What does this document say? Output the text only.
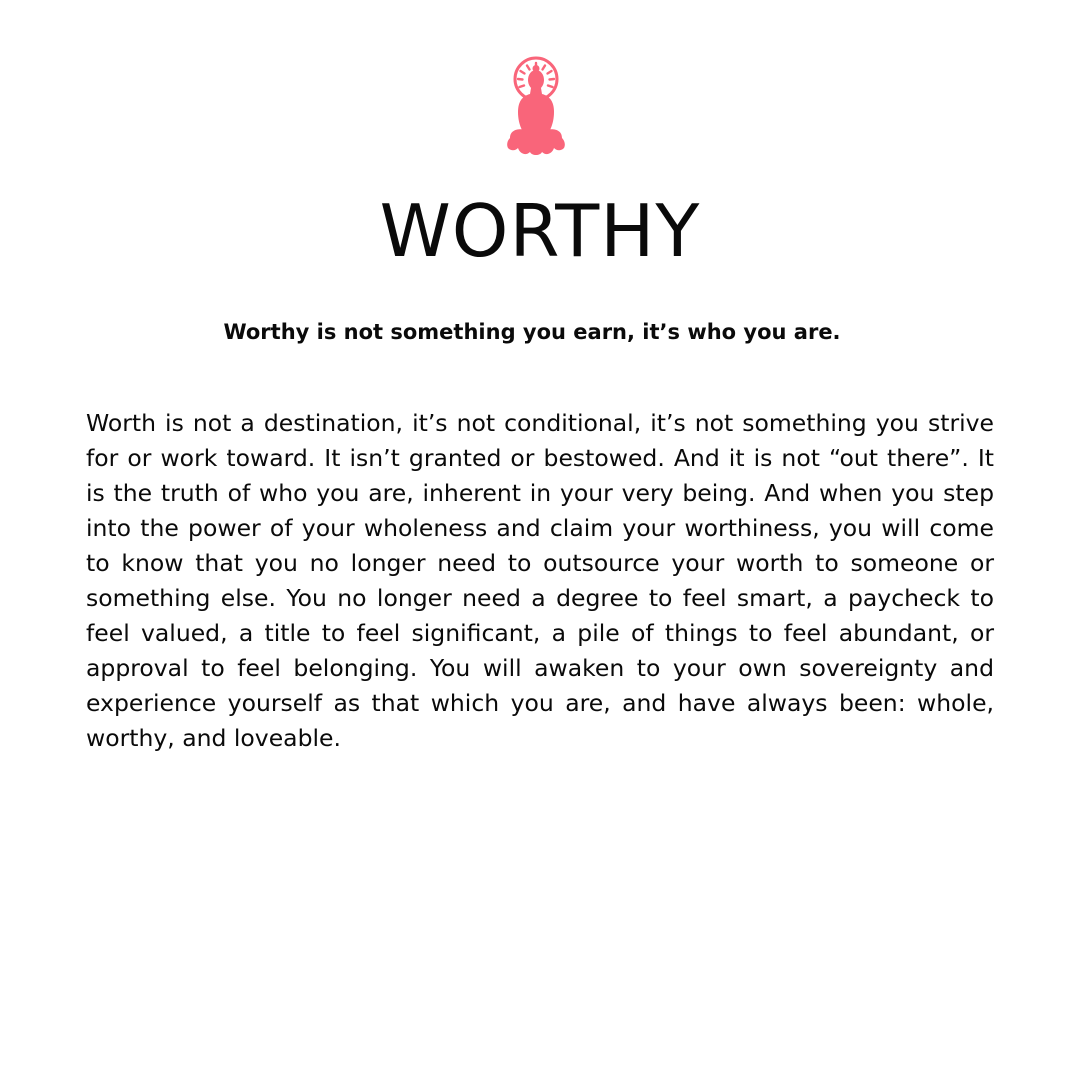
WORTHY

Worthy is not something you earn, it’s who you are.

Worth is not a destination, it’s not conditional, it’s not something you strive for or work toward. It isn’t granted or bestowed. And it is not “out there”. It is the truth of who you are, inherent in your very being. And when you step into the power of your wholeness and claim your worthiness, you will come to know that you no longer need to outsource your worth to someone or something else. You no longer need a degree to feel smart, a paycheck to feel valued, a title to feel significant, a pile of things to feel abundant, or approval to feel belonging. You will awaken to your own sovereignty and experience yourself as that which you are, and have always been: whole, worthy, and loveable.
